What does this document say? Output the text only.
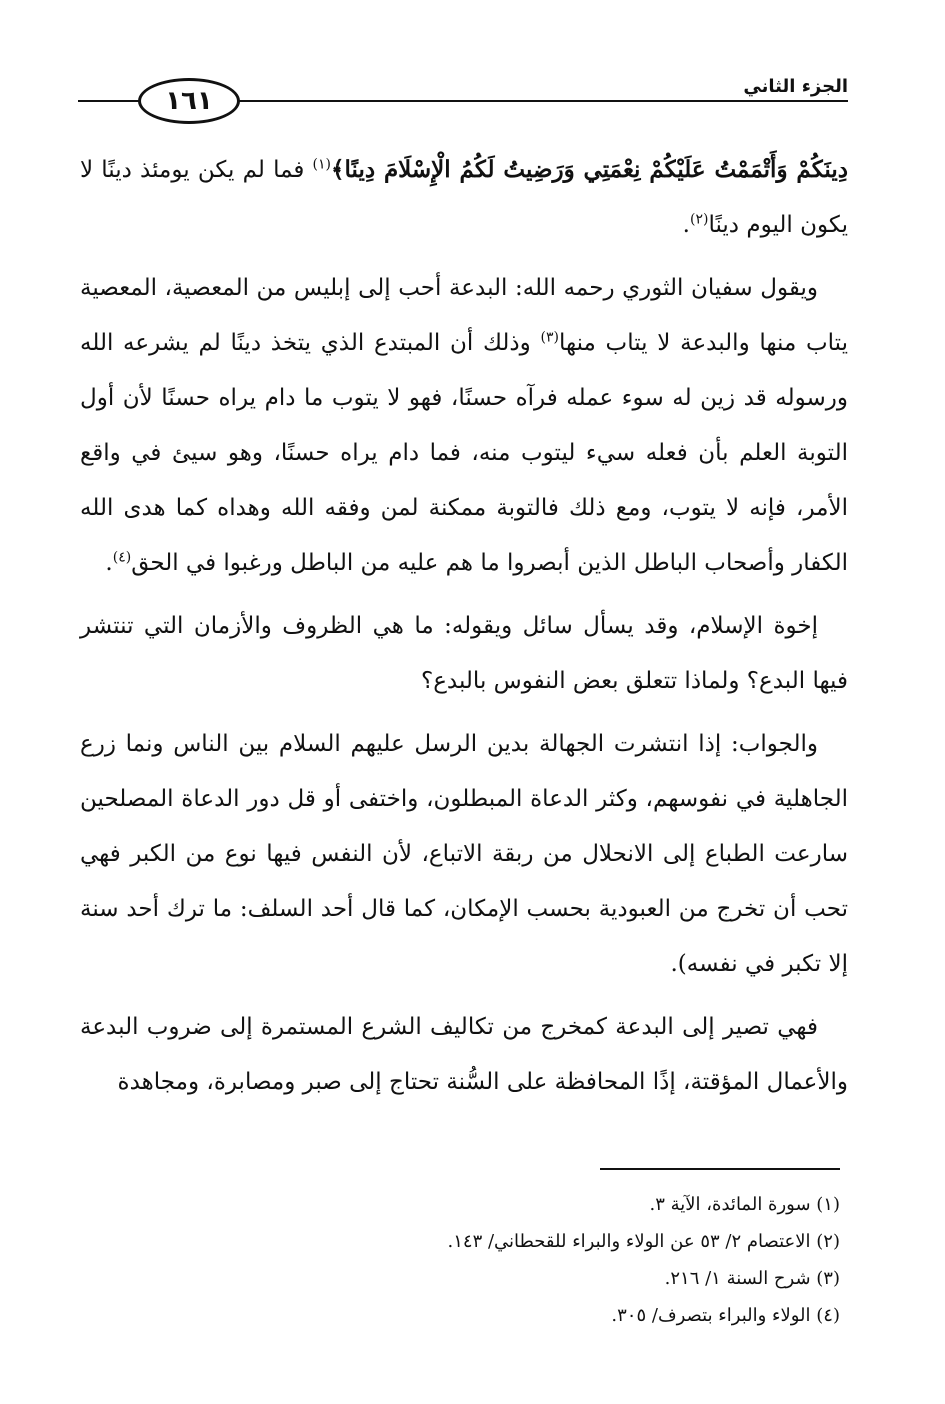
الجزء الثاني
١٦١

دِينَكُمْ وَأَتْمَمْتُ عَلَيْكُمْ نِعْمَتِي وَرَضِيتُ لَكُمُ الْإِسْلَامَ دِينًا﴾$^{(١)}$ فما لم يكن يومئذ دينًا لا يكون اليوم دينًا$^{(٢)}$.

ويقول سفيان الثوري رحمه الله: البدعة أحب إلى إبليس من المعصية، المعصية يتاب منها والبدعة لا يتاب منها$^{(٣)}$ وذلك أن المبتدع الذي يتخذ دينًا لم يشرعه الله ورسوله قد زين له سوء عمله فرآه حسنًا، فهو لا يتوب ما دام يراه حسنًا لأن أول التوبة العلم بأن فعله سيء ليتوب منه، فما دام يراه حسنًا، وهو سيئ في واقع الأمر، فإنه لا يتوب، ومع ذلك فالتوبة ممكنة لمن وفقه الله وهداه كما هدى الله الكفار وأصحاب الباطل الذين أبصروا ما هم عليه من الباطل ورغبوا في الحق$^{(٤)}$.

إخوة الإسلام، وقد يسأل سائل ويقوله: ما هي الظروف والأزمان التي تنتشر فيها البدع؟ ولماذا تتعلق بعض النفوس بالبدع؟

والجواب: إذا انتشرت الجهالة بدين الرسل عليهم السلام بين الناس ونما زرع الجاهلية في نفوسهم، وكثر الدعاة المبطلون، واختفى أو قل دور الدعاة المصلحين سارعت الطباع إلى الانحلال من ربقة الاتباع، لأن النفس فيها نوع من الكبر فهي تحب أن تخرج من العبودية بحسب الإمكان، كما قال أحد السلف: ما ترك أحد سنة إلا تكبر في نفسه).

فهي تصير إلى البدعة كمخرج من تكاليف الشرع المستمرة إلى ضروب البدعة والأعمال المؤقتة، إذًا المحافظة على السُّنة تحتاج إلى صبر ومصابرة، ومجاهدة

(١) سورة المائدة، الآية ٣.

(٢) الاعتصام ٢/ ٥٣ عن الولاء والبراء للقحطاني/ ١٤٣.

(٣) شرح السنة ١/ ٢١٦.

(٤) الولاء والبراء بتصرف/ ٣٠٥.
